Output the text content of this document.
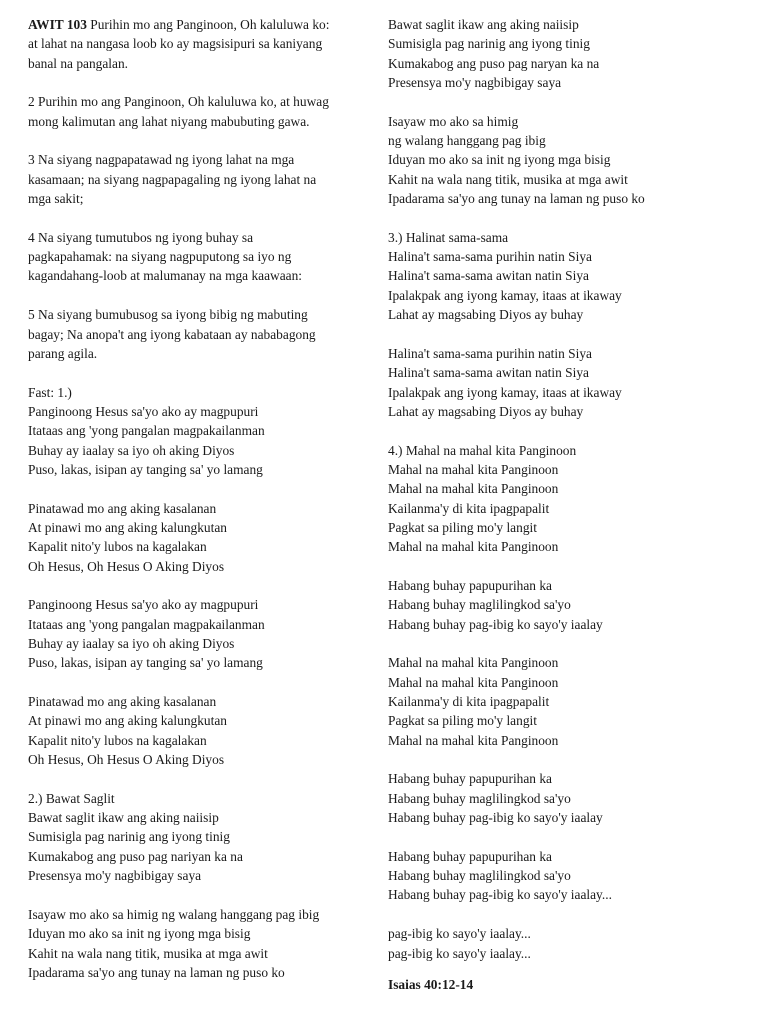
AWIT 103 Purihin mo ang Panginoon, Oh kaluluwa ko:
at lahat na nangasa loob ko ay magsisipuri sa kaniyang
banal na pangalan.
2 Purihin mo ang Panginoon, Oh kaluluwa ko, at huwag
mong kalimutan ang lahat niyang mabubuting gawa.
3 Na siyang nagpapatawad ng iyong lahat na mga
kasamaan; na siyang nagpapagaling ng iyong lahat na
mga sakit;
4 Na siyang tumutubos ng iyong buhay sa
pagkapahamak: na siyang nagpuputong sa iyo ng
kagandahang-loob at malumanay na mga kaawaan:
5 Na siyang bumubusog sa iyong bibig ng mabuting
bagay; Na anopa't ang iyong kabataan ay nababagong
parang agila.
Fast: 1.)
Panginoong Hesus sa'yo ako ay magpupuri
Itataas ang 'yong pangalan magpakailanman
Buhay ay iaalay sa iyo oh aking Diyos
Puso, lakas, isipan ay tanging sa' yo lamang
Pinatawad mo ang aking kasalanan
At pinawi mo ang aking kalungkutan
Kapalit nito'y lubos na kagalakan
Oh Hesus, Oh Hesus O Aking Diyos
Panginoong Hesus sa'yo ako ay magpupuri
Itataas ang 'yong pangalan magpakailanman
Buhay ay iaalay sa iyo oh aking Diyos
Puso, lakas, isipan ay tanging sa' yo lamang
Pinatawad mo ang aking kasalanan
At pinawi mo ang aking kalungkutan
Kapalit nito'y lubos na kagalakan
Oh Hesus, Oh Hesus O Aking Diyos
2.) Bawat Saglit
Bawat saglit ikaw ang aking naiisip
Sumisigla pag narinig ang iyong tinig
Kumakabog ang puso pag nariyan ka na
Presensya mo'y nagbibigay saya
Isayaw mo ako sa himig ng walang hanggang pag ibig
Iduyan mo ako sa init ng iyong mga bisig
Kahit na wala nang titik, musika at mga awit
Ipadarama sa'yo ang tunay na laman ng puso ko
Bawat saglit ikaw ang aking naiisip
Sumisigla pag narinig ang iyong tinig
Kumakabog ang puso pag naryan ka na
Presensya mo'y nagbibigay saya
Isayaw mo ako sa himig
ng walang hanggang pag ibig
Iduyan mo ako sa init ng iyong mga bisig
Kahit na wala nang titik, musika at mga awit
Ipadarama sa'yo ang tunay na laman ng puso ko
3.) Halinat sama-sama
Halina't sama-sama purihin natin Siya
Halina't sama-sama awitan natin Siya
Ipalakpak ang iyong kamay, itaas at ikaway
Lahat ay magsabing Diyos ay buhay
Halina't sama-sama purihin natin Siya
Halina't sama-sama awitan natin Siya
Ipalakpak ang iyong kamay, itaas at ikaway
Lahat ay magsabing Diyos ay buhay
4.) Mahal na mahal kita Panginoon
Mahal na mahal kita Panginoon
Mahal na mahal kita Panginoon
Kailanma'y di kita ipagpapalit
Pagkat sa piling mo'y langit
Mahal na mahal kita Panginoon
Habang buhay papupurihan ka
Habang buhay maglilingkod sa'yo
Habang buhay pag-ibig ko sayo'y iaalay
Mahal na mahal kita Panginoon
Mahal na mahal kita Panginoon
Kailanma'y di kita ipagpapalit
Pagkat sa piling mo'y langit
Mahal na mahal kita Panginoon
Habang buhay papupurihan ka
Habang buhay maglilingkod sa'yo
Habang buhay pag-ibig ko sayo'y iaalay
Habang buhay papupurihan ka
Habang buhay maglilingkod sa'yo
Habang buhay pag-ibig ko sayo'y iaalay...
pag-ibig ko sayo'y iaalay...
pag-ibig ko sayo'y iaalay...
Isaias 40:12-14
